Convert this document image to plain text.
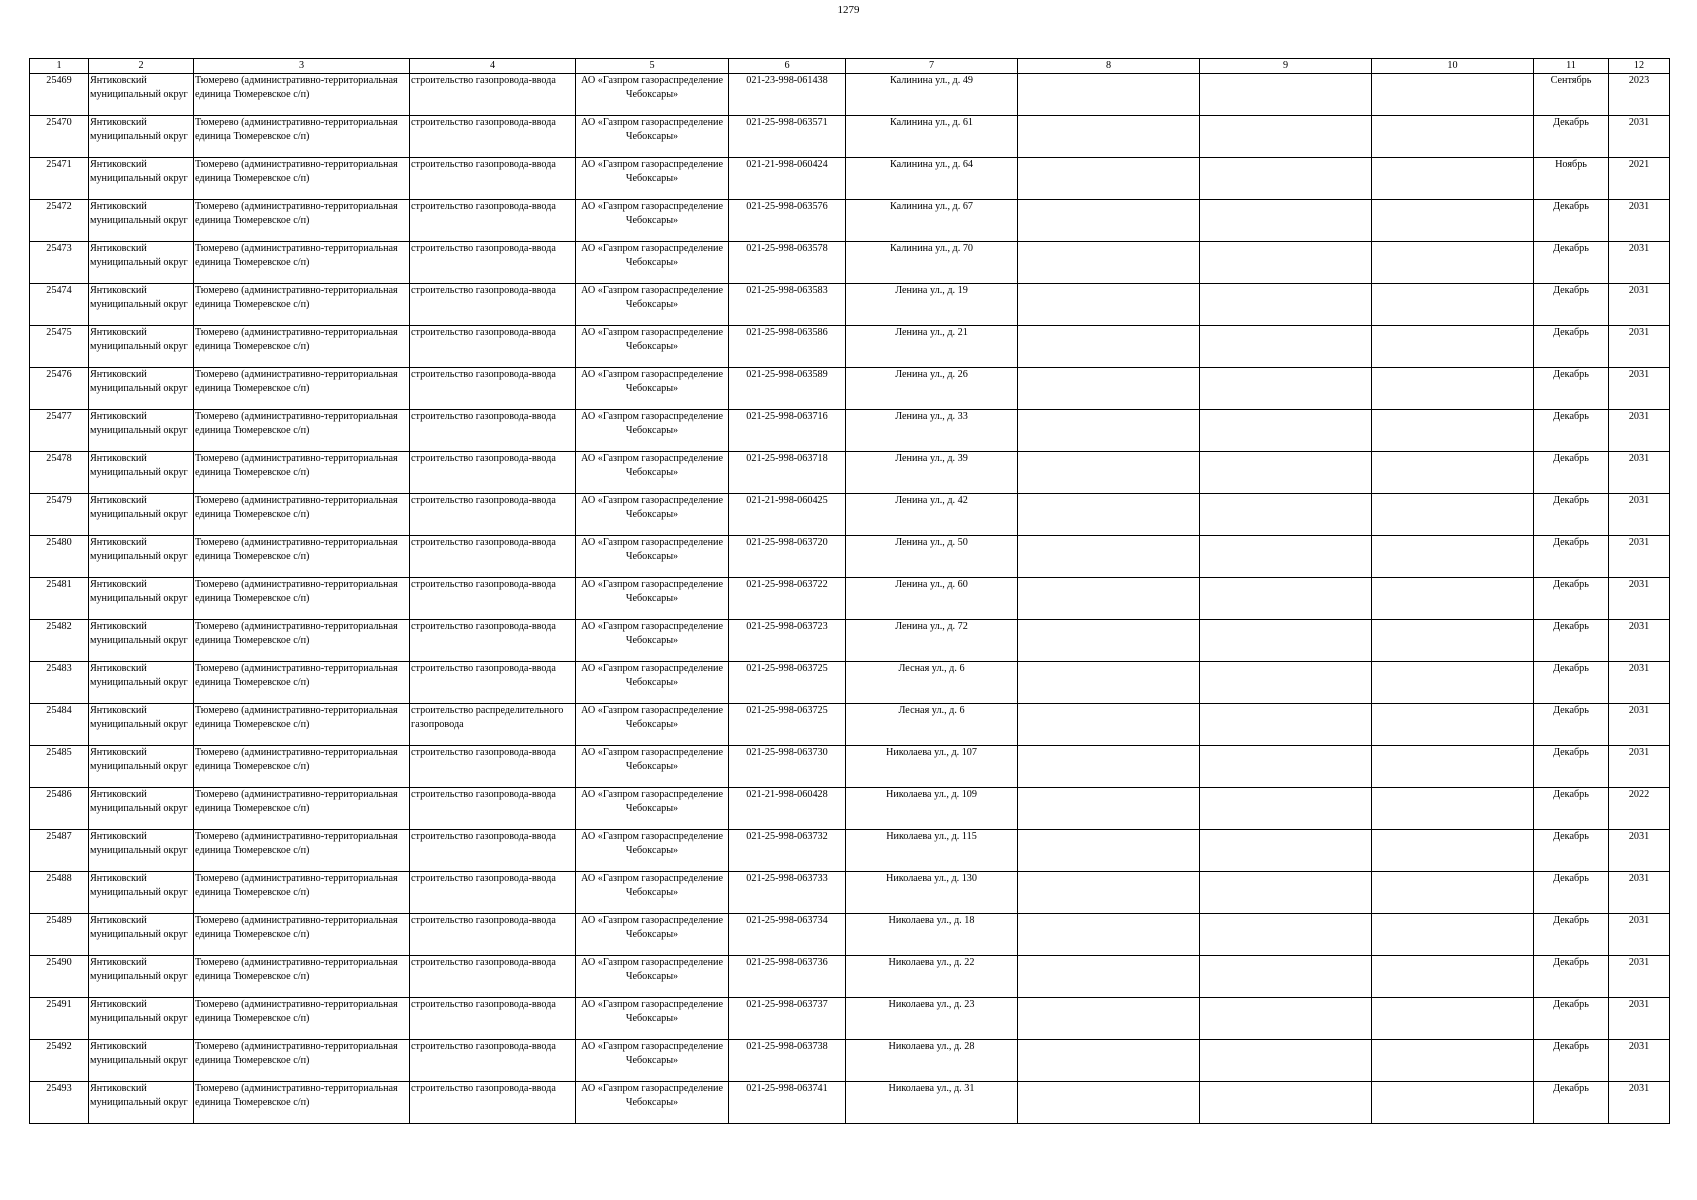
1279
1	2	3	4	5	6	7	8	9	10	11	12

25469	Янтиковский муниципальный округ	Тюмерево (административно-территориальная единица Тюмеревское с/п)	строительство газопровода-ввода	АО «Газпром газораспределение Чебоксары»	021-23-998-061438	Калинина ул., д. 49				Сентябрь	2023

25470	Янтиковский муниципальный округ	Тюмерево (административно-территориальная единица Тюмеревское с/п)	строительство газопровода-ввода	АО «Газпром газораспределение Чебоксары»	021-25-998-063571	Калинина ул., д. 61				Декабрь	2031

25471	Янтиковский муниципальный округ	Тюмерево (административно-территориальная единица Тюмеревское с/п)	строительство газопровода-ввода	АО «Газпром газораспределение Чебоксары»	021-21-998-060424	Калинина ул., д. 64				Ноябрь	2021

25472	Янтиковский муниципальный округ	Тюмерево (административно-территориальная единица Тюмеревское с/п)	строительство газопровода-ввода	АО «Газпром газораспределение Чебоксары»	021-25-998-063576	Калинина ул., д. 67				Декабрь	2031

25473	Янтиковский муниципальный округ	Тюмерево (административно-территориальная единица Тюмеревское с/п)	строительство газопровода-ввода	АО «Газпром газораспределение Чебоксары»	021-25-998-063578	Калинина ул., д. 70				Декабрь	2031

25474	Янтиковский муниципальный округ	Тюмерево (административно-территориальная единица Тюмеревское с/п)	строительство газопровода-ввода	АО «Газпром газораспределение Чебоксары»	021-25-998-063583	Ленина ул., д. 19				Декабрь	2031

25475	Янтиковский муниципальный округ	Тюмерево (административно-территориальная единица Тюмеревское с/п)	строительство газопровода-ввода	АО «Газпром газораспределение Чебоксары»	021-25-998-063586	Ленина ул., д. 21				Декабрь	2031

25476	Янтиковский муниципальный округ	Тюмерево (административно-территориальная единица Тюмеревское с/п)	строительство газопровода-ввода	АО «Газпром газораспределение Чебоксары»	021-25-998-063589	Ленина ул., д. 26				Декабрь	2031

25477	Янтиковский муниципальный округ	Тюмерево (административно-территориальная единица Тюмеревское с/п)	строительство газопровода-ввода	АО «Газпром газораспределение Чебоксары»	021-25-998-063716	Ленина ул., д. 33				Декабрь	2031

25478	Янтиковский муниципальный округ	Тюмерево (административно-территориальная единица Тюмеревское с/п)	строительство газопровода-ввода	АО «Газпром газораспределение Чебоксары»	021-25-998-063718	Ленина ул., д. 39				Декабрь	2031

25479	Янтиковский муниципальный округ	Тюмерево (административно-территориальная единица Тюмеревское с/п)	строительство газопровода-ввода	АО «Газпром газораспределение Чебоксары»	021-21-998-060425	Ленина ул., д. 42				Декабрь	2031

25480	Янтиковский муниципальный округ	Тюмерево (административно-территориальная единица Тюмеревское с/п)	строительство газопровода-ввода	АО «Газпром газораспределение Чебоксары»	021-25-998-063720	Ленина ул., д. 50				Декабрь	2031

25481	Янтиковский муниципальный округ	Тюмерево (административно-территориальная единица Тюмеревское с/п)	строительство газопровода-ввода	АО «Газпром газораспределение Чебоксары»	021-25-998-063722	Ленина ул., д. 60				Декабрь	2031

25482	Янтиковский муниципальный округ	Тюмерево (административно-территориальная единица Тюмеревское с/п)	строительство газопровода-ввода	АО «Газпром газораспределение Чебоксары»	021-25-998-063723	Ленина ул., д. 72				Декабрь	2031

25483	Янтиковский муниципальный округ	Тюмерево (административно-территориальная единица Тюмеревское с/п)	строительство газопровода-ввода	АО «Газпром газораспределение Чебоксары»	021-25-998-063725	Лесная ул., д. 6				Декабрь	2031

25484	Янтиковский муниципальный округ	Тюмерево (административно-территориальная единица Тюмеревское с/п)	строительство распределительного газопровода	АО «Газпром газораспределение Чебоксары»	021-25-998-063725	Лесная ул., д. 6				Декабрь	2031

25485	Янтиковский муниципальный округ	Тюмерево (административно-территориальная единица Тюмеревское с/п)	строительство газопровода-ввода	АО «Газпром газораспределение Чебоксары»	021-25-998-063730	Николаева ул., д. 107				Декабрь	2031

25486	Янтиковский муниципальный округ	Тюмерево (административно-территориальная единица Тюмеревское с/п)	строительство газопровода-ввода	АО «Газпром газораспределение Чебоксары»	021-21-998-060428	Николаева ул., д. 109				Декабрь	2022

25487	Янтиковский муниципальный округ	Тюмерево (административно-территориальная единица Тюмеревское с/п)	строительство газопровода-ввода	АО «Газпром газораспределение Чебоксары»	021-25-998-063732	Николаева ул., д. 115				Декабрь	2031

25488	Янтиковский муниципальный округ	Тюмерево (административно-территориальная единица Тюмеревское с/п)	строительство газопровода-ввода	АО «Газпром газораспределение Чебоксары»	021-25-998-063733	Николаева ул., д. 130				Декабрь	2031

25489	Янтиковский муниципальный округ	Тюмерево (административно-территориальная единица Тюмеревское с/п)	строительство газопровода-ввода	АО «Газпром газораспределение Чебоксары»	021-25-998-063734	Николаева ул., д. 18				Декабрь	2031

25490	Янтиковский муниципальный округ	Тюмерево (административно-территориальная единица Тюмеревское с/п)	строительство газопровода-ввода	АО «Газпром газораспределение Чебоксары»	021-25-998-063736	Николаева ул., д. 22				Декабрь	2031

25491	Янтиковский муниципальный округ	Тюмерево (административно-территориальная единица Тюмеревское с/п)	строительство газопровода-ввода	АО «Газпром газораспределение Чебоксары»	021-25-998-063737	Николаева ул., д. 23				Декабрь	2031

25492	Янтиковский муниципальный округ	Тюмерево (административно-территориальная единица Тюмеревское с/п)	строительство газопровода-ввода	АО «Газпром газораспределение Чебоксары»	021-25-998-063738	Николаева ул., д. 28				Декабрь	2031

25493	Янтиковский муниципальный округ	Тюмерево (административно-территориальная единица Тюмеревское с/п)	строительство газопровода-ввода	АО «Газпром газораспределение Чебоксары»	021-25-998-063741	Николаева ул., д. 31				Декабрь	2031
